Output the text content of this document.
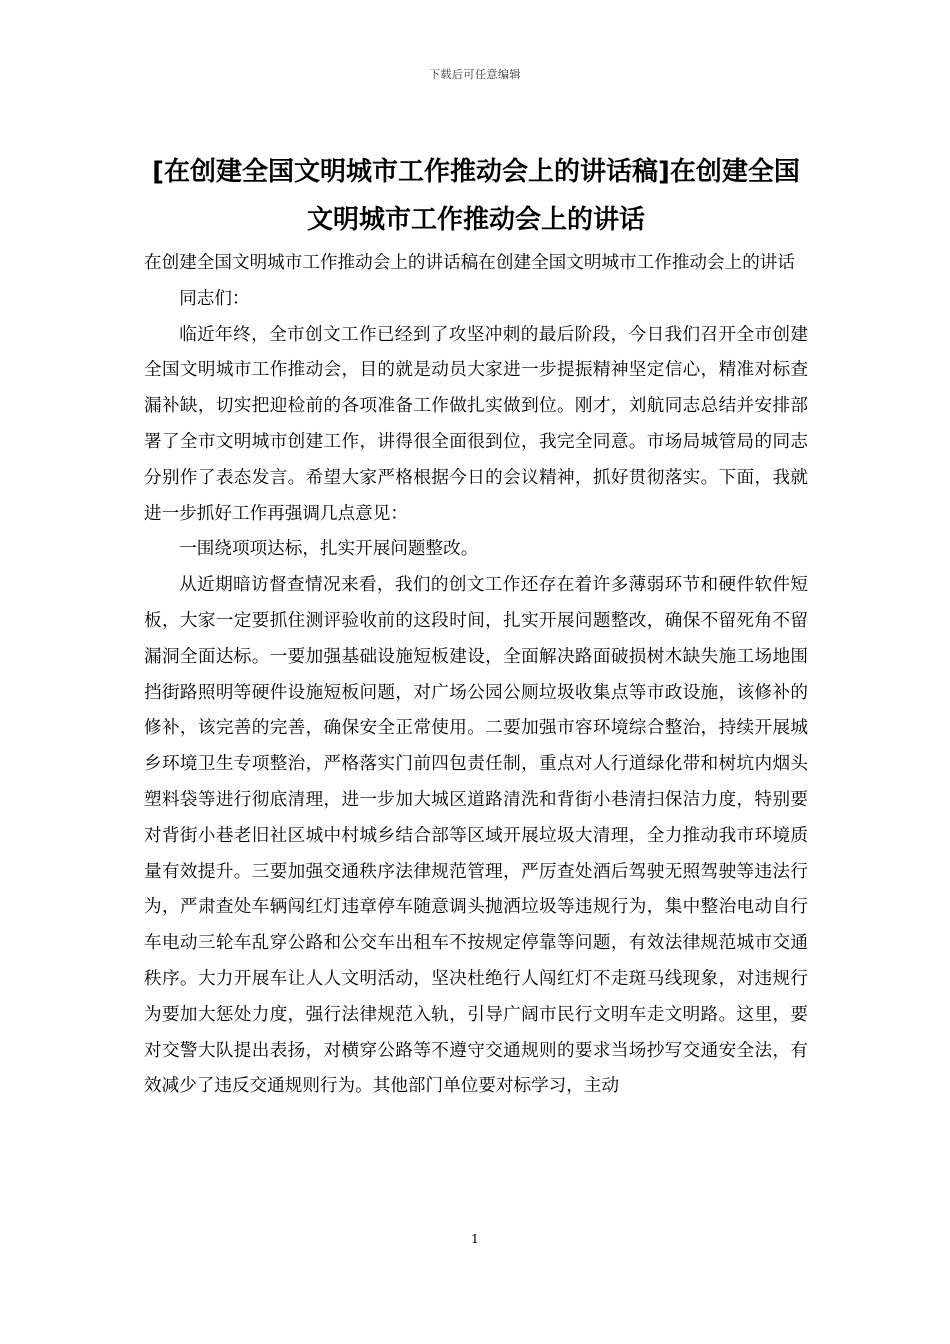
下载后可任意编辑
[在创建全国文明城市工作推动会上的讲话稿]在创建全国文明城市工作推动会上的讲话

在创建全国文明城市工作推动会上的讲话稿在创建全国文明城市工作推动会上的讲话

同志们：

临近年终，全市创文工作已经到了攻坚冲刺的最后阶段，今日我们召开全市创建全国文明城市工作推动会，目的就是动员大家进一步提振精神坚定信心，精准对标查漏补缺，切实把迎检前的各项准备工作做扎实做到位。刚才，刘航同志总结并安排部署了全市文明城市创建工作，讲得很全面很到位，我完全同意。市场局城管局的同志分别作了表态发言。希望大家严格根据今日的会议精神，抓好贯彻落实。下面，我就进一步抓好工作再强调几点意见：

一围绕项项达标，扎实开展问题整改。

从近期暗访督查情况来看，我们的创文工作还存在着许多薄弱环节和硬件软件短板，大家一定要抓住测评验收前的这段时间，扎实开展问题整改，确保不留死角不留漏洞全面达标。一要加强基础设施短板建设，全面解决路面破损树木缺失施工场地围挡街路照明等硬件设施短板问题，对广场公园公厕垃圾收集点等市政设施，该修补的修补，该完善的完善，确保安全正常使用。二要加强市容环境综合整治，持续开展城乡环境卫生专项整治，严格落实门前四包责任制，重点对人行道绿化带和树坑内烟头塑料袋等进行彻底清理，进一步加大城区道路清洗和背街小巷清扫保洁力度，特别要对背街小巷老旧社区城中村城乡结合部等区域开展垃圾大清理，全力推动我市环境质量有效提升。三要加强交通秩序法律规范管理，严厉查处酒后驾驶无照驾驶等违法行为，严肃查处车辆闯红灯违章停车随意调头抛洒垃圾等违规行为，集中整治电动自行车电动三轮车乱穿公路和公交车出租车不按规定停靠等问题，有效法律规范城市交通秩序。大力开展车让人人文明活动，坚决杜绝行人闯红灯不走斑马线现象，对违规行为要加大惩处力度，强行法律规范入轨，引导广阔市民行文明车走文明路。这里，要对交警大队提出表扬，对横穿公路等不遵守交通规则的要求当场抄写交通安全法，有效减少了违反交通规则行为。其他部门单位要对标学习，主动

1
